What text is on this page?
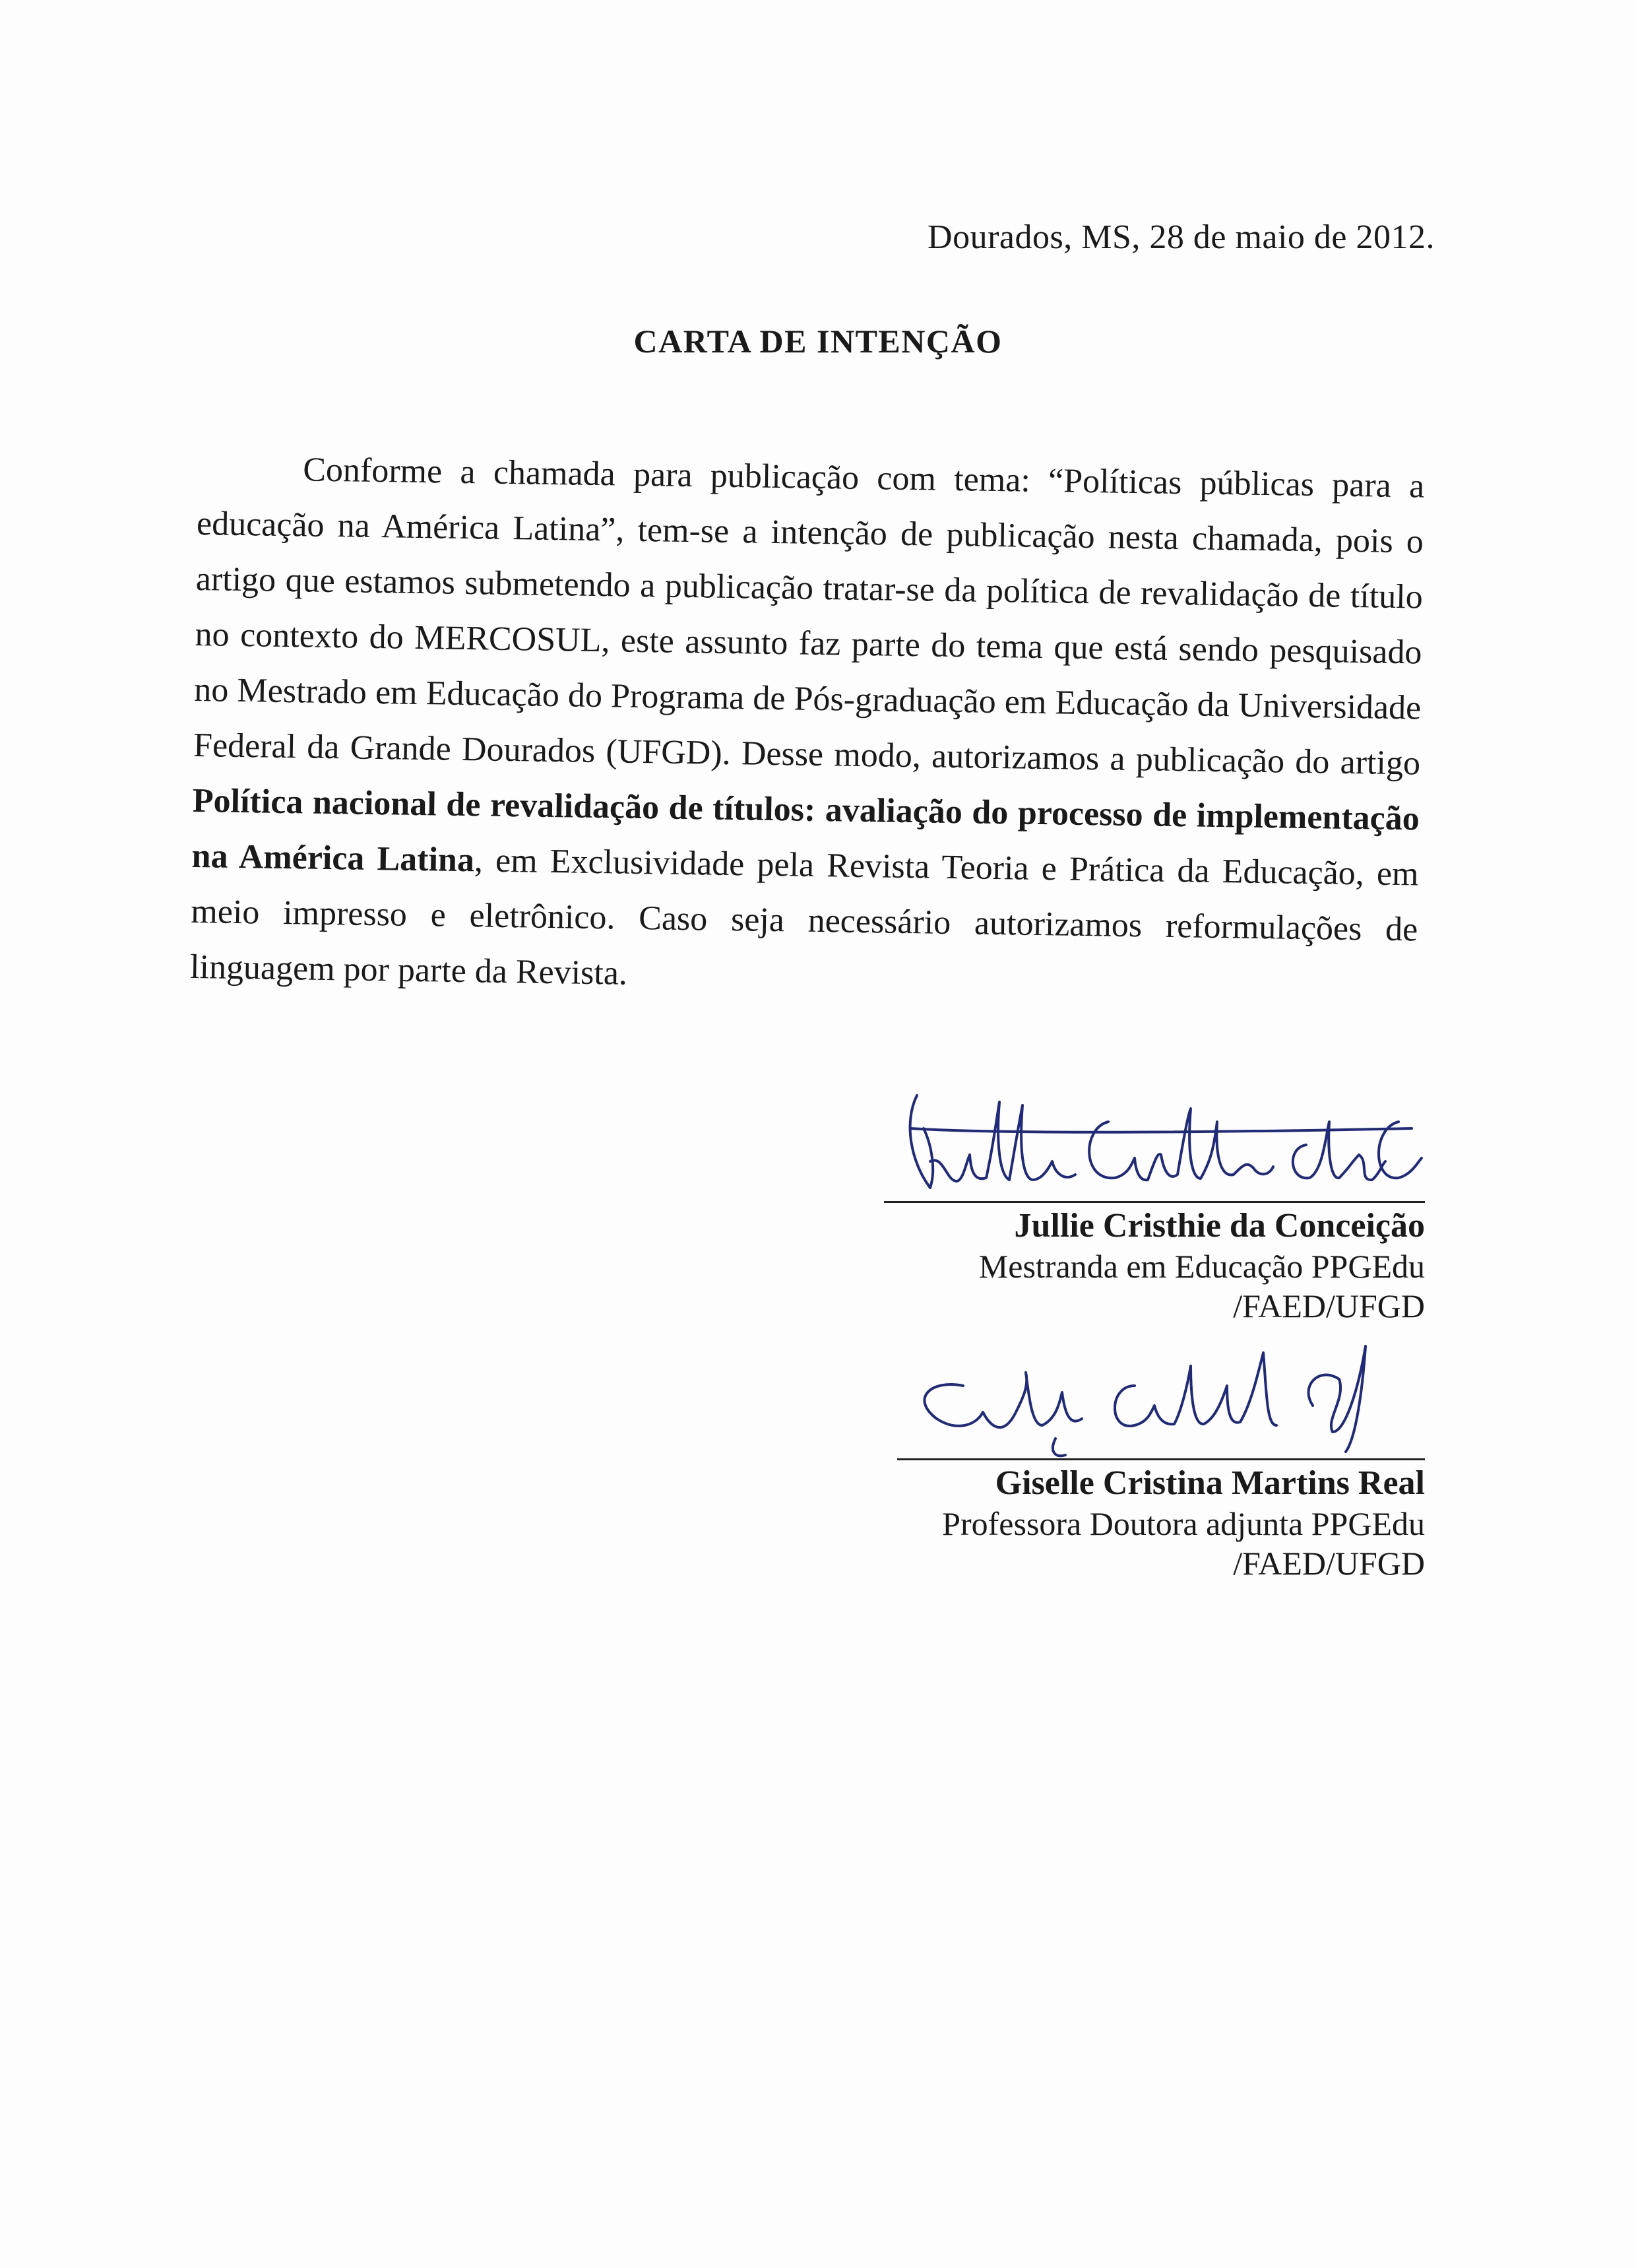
Dourados, MS, 28 de maio de 2012.
CARTA DE INTENÇÃO

Conforme a chamada para publicação com tema: “Políticas públicas para a educação na América Latina”, tem-se a intenção de publicação nesta chamada, pois o artigo que estamos submetendo a publicação tratar-se da política de revalidação de título no contexto do MERCOSUL, este assunto faz parte do tema que está sendo pesquisado no Mestrado em Educação do Programa de Pós-graduação em Educação da Universidade Federal da Grande Dourados (UFGD). Desse modo, autorizamos a publicação do artigo Política nacional de revalidação de títulos: avaliação do processo de implementação na América Latina, em Exclusividade pela Revista Teoria e Prática da Educação, em meio impresso e eletrônico. Caso seja necessário autorizamos reformulações de linguagem por parte da Revista.

Jullie Cristhie da Conceição
Mestranda em Educação PPGEdu /FAED/UFGD
Giselle Cristina Martins Real
Professora Doutora adjunta PPGEdu /FAED/UFGD
